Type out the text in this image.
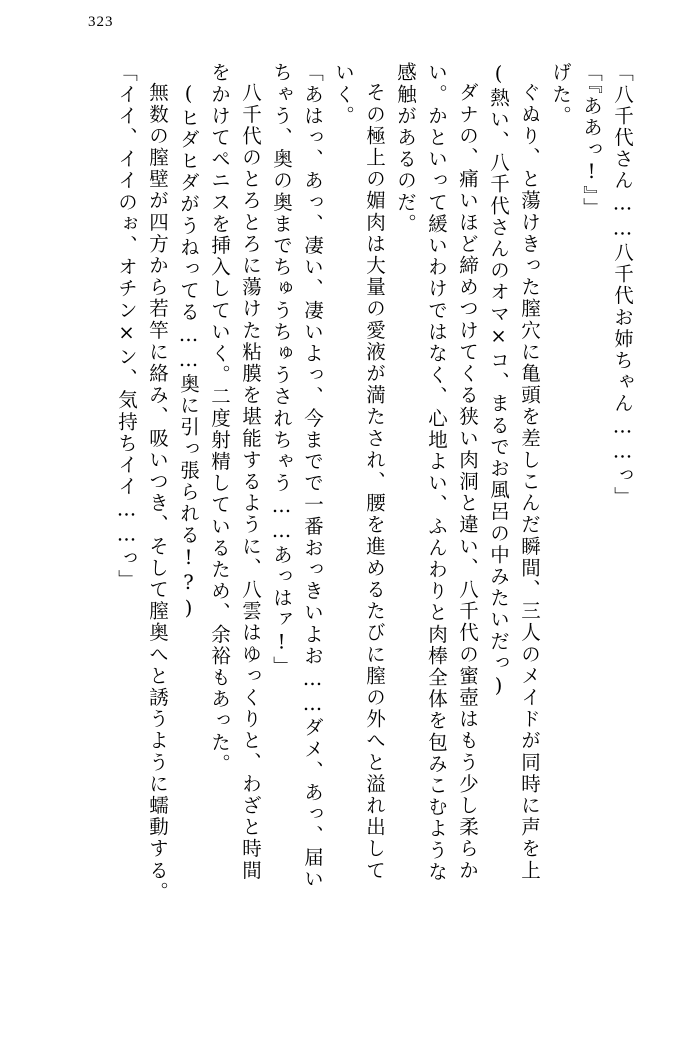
323
「八千代さん……八千代お姉ちゃん……っ」
「『ああっ!』」
げた。
ぐぬり、と蕩けきった膣穴に亀頭を差しこんだ瞬間、三人のメイドが同時に声を上
(熱い、八千代さんのオマ×コ、まるでお風呂の中みたいだっ)
ダナの、痛いほど締めつけてくる狭い肉洞と違い、八千代の蜜壺はもう少し柔らか
い。かといって緩いわけではなく、心地よい、ふんわりと肉棒全体を包みこむような
感触があるのだ。
その極上の媚肉は大量の愛液が満たされ、腰を進めるたびに膣の外へと溢れ出して
いく。
「あはっ、あっ、凄い、凄いよっ、今までで一番おっきいよお……ダメ、あっ、届い
ちゃう、奥の奥までちゅうちゅうされちゃう……あっはァ!」
八千代のとろとろに蕩けた粘膜を堪能するように、八雲はゆっくりと、わざと時間
をかけてペニスを挿入していく。二度射精しているため、余裕もあった。
(ヒダヒダがうねってる……奥に引っ張られる!?)
無数の膣壁が四方から若竿に絡み、吸いつき、そして膣奥へと誘うように蠕動する。
「イイ、イイのぉ、オチン×ン、気持ちイイ……っ」
